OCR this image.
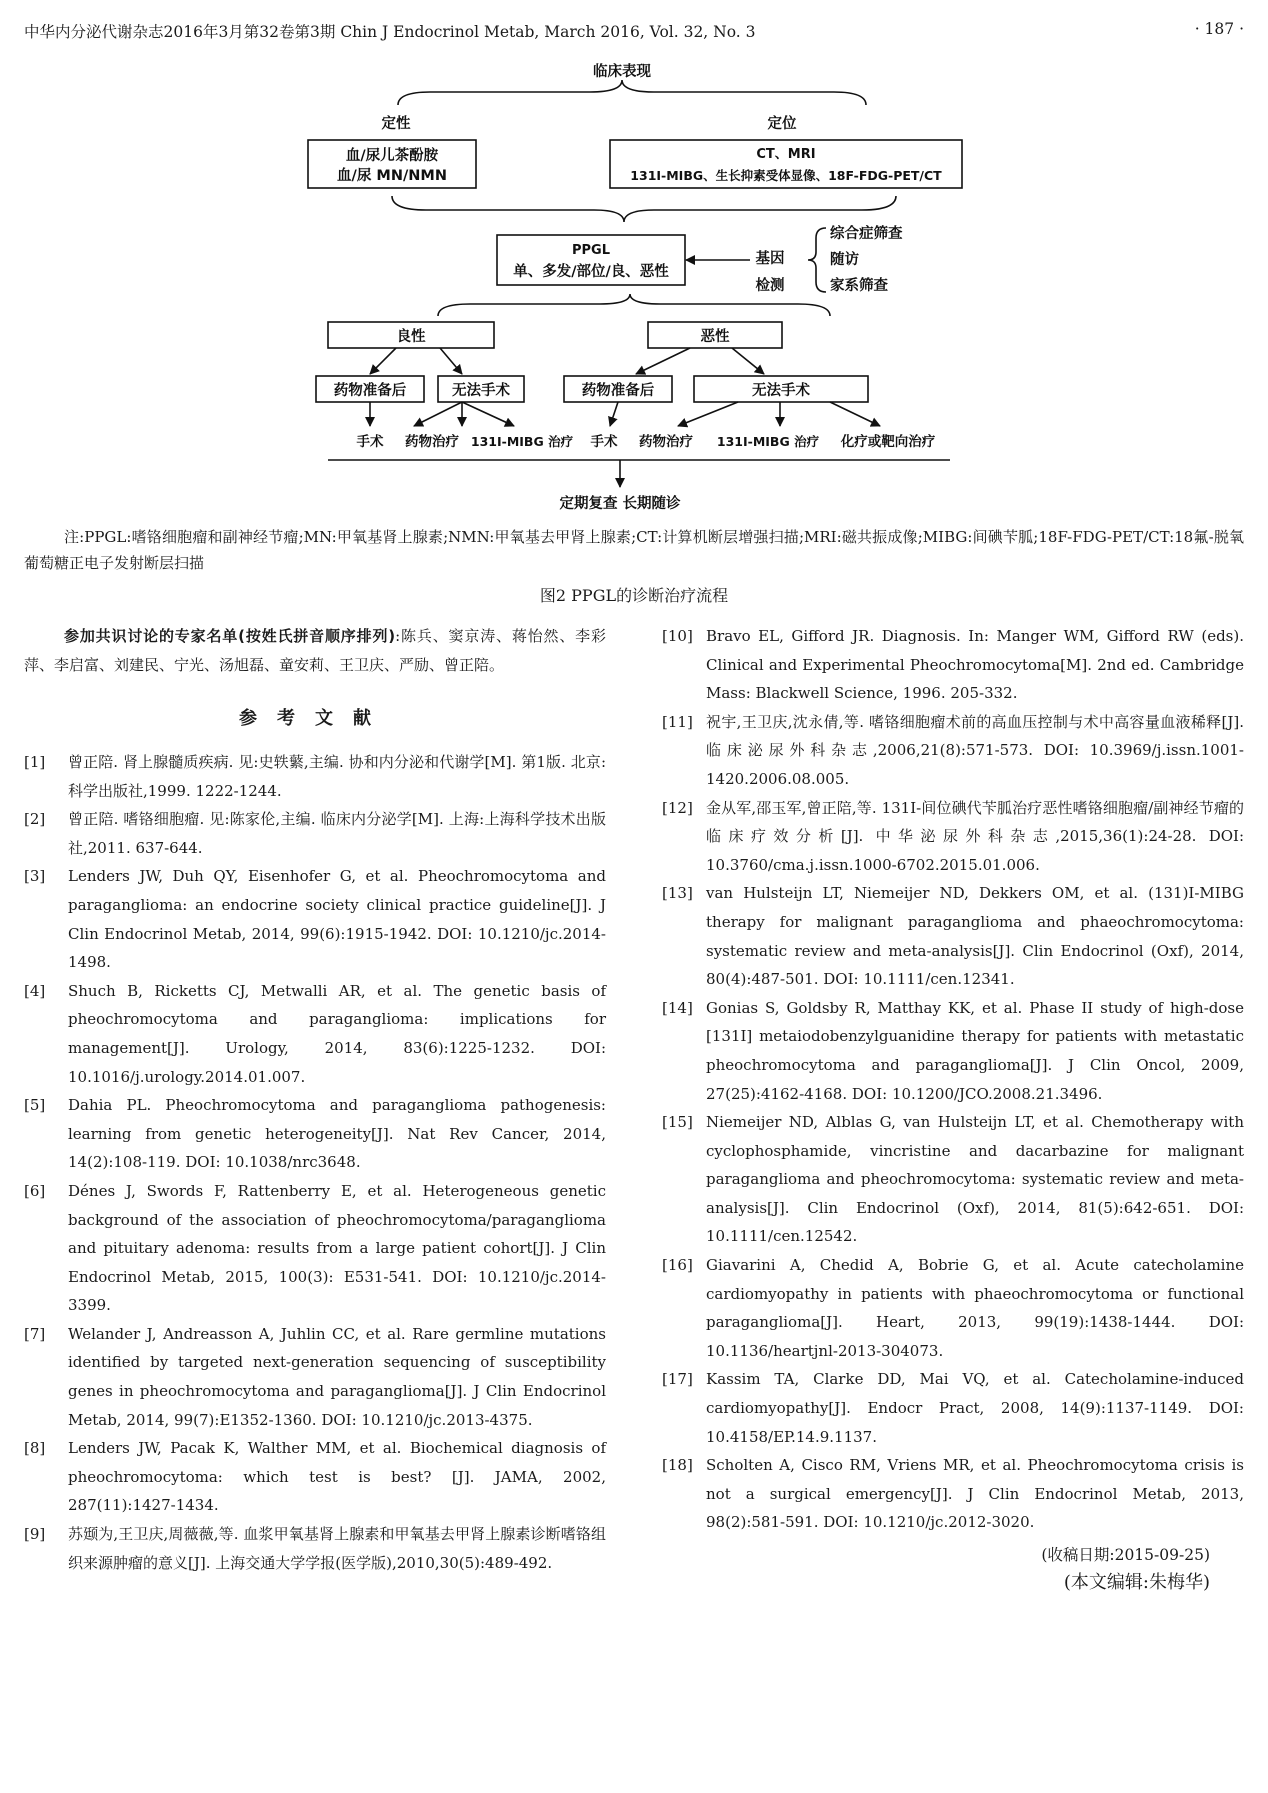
中华内分泌代谢杂志2016年3月第32卷第3期 Chin J Endocrinol Metab, March 2016, Vol. 32, No. 3	· 187 ·
临床表现
定性	定位
血/尿儿茶酚胺
血/尿 MN/NMN
CT、MRI
131I-MIBG、生长抑素受体显像、18F-FDG-PET/CT
PPGL
单、多发/部位/良、恶性
基因
检测
综合症筛查
随访
家系筛查
良性	恶性
药物准备后	无法手术	药物准备后	无法手术
手术 药物治疗 131I-MIBG 治疗 手术 药物治疗 131I-MIBG 治疗 化疗或靶向治疗
定期复查 长期随诊
注:PPGL:嗜铬细胞瘤和副神经节瘤;MN:甲氧基肾上腺素;NMN:甲氧基去甲肾上腺素;CT:计算机断层增强扫描;MRI:磁共振成像;MIBG:间碘苄胍;18F-FDG-PET/CT:18氟-脱氧葡萄糖正电子发射断层扫描
图2 PPGL的诊断治疗流程
参加共识讨论的专家名单(按姓氏拼音顺序排列):陈兵、窦京涛、蒋怡然、李彩萍、李启富、刘建民、宁光、汤旭磊、童安莉、王卫庆、严励、曾正陪。
参考文献
[1]	曾正陪. 肾上腺髓质疾病. 见:史轶蘩,主编. 协和内分泌和代谢学[M]. 第1版. 北京:科学出版社,1999. 1222-1244.
[2]	曾正陪. 嗜铬细胞瘤. 见:陈家伦,主编. 临床内分泌学[M]. 上海:上海科学技术出版社,2011. 637-644.
[3]	Lenders JW, Duh QY, Eisenhofer G, et al. Pheochromocytoma and paraganglioma: an endocrine society clinical practice guideline[J]. J Clin Endocrinol Metab, 2014, 99(6):1915-1942. DOI: 10.1210/jc.2014-1498.
[4]	Shuch B, Ricketts CJ, Metwalli AR, et al. The genetic basis of pheochromocytoma and paraganglioma: implications for management[J]. Urology, 2014, 83(6):1225-1232. DOI: 10.1016/j.urology.2014.01.007.
[5]	Dahia PL. Pheochromocytoma and paraganglioma pathogenesis: learning from genetic heterogeneity[J]. Nat Rev Cancer, 2014, 14(2):108-119. DOI: 10.1038/nrc3648.
[6]	Dénes J, Swords F, Rattenberry E, et al. Heterogeneous genetic background of the association of pheochromocytoma/paraganglioma and pituitary adenoma: results from a large patient cohort[J]. J Clin Endocrinol Metab, 2015, 100(3): E531-541. DOI: 10.1210/jc.2014-3399.
[7]	Welander J, Andreasson A, Juhlin CC, et al. Rare germline mutations identified by targeted next-generation sequencing of susceptibility genes in pheochromocytoma and paraganglioma[J]. J Clin Endocrinol Metab, 2014, 99(7):E1352-1360. DOI: 10.1210/jc.2013-4375.
[8]	Lenders JW, Pacak K, Walther MM, et al. Biochemical diagnosis of pheochromocytoma: which test is best? [J]. JAMA, 2002, 287(11):1427-1434.
[9]	苏颋为,王卫庆,周薇薇,等. 血浆甲氧基肾上腺素和甲氧基去甲肾上腺素诊断嗜铬组织来源肿瘤的意义[J]. 上海交通大学学报(医学版),2010,30(5):489-492.
[10] Bravo EL, Gifford JR. Diagnosis. In: Manger WM, Gifford RW (eds). Clinical and Experimental Pheochromocytoma[M]. 2nd ed. Cambridge Mass: Blackwell Science, 1996. 205-332.
[11] 祝宇,王卫庆,沈永倩,等. 嗜铬细胞瘤术前的高血压控制与术中高容量血液稀释[J]. 临床泌尿外科杂志,2006,21(8):571-573. DOI: 10.3969/j.issn.1001-1420.2006.08.005.
[12] 金从军,邵玉军,曾正陪,等. 131I-间位碘代苄胍治疗恶性嗜铬细胞瘤/副神经节瘤的临床疗效分析[J]. 中华泌尿外科杂志,2015,36(1):24-28. DOI: 10.3760/cma.j.issn.1000-6702.2015.01.006.
[13] van Hulsteijn LT, Niemeijer ND, Dekkers OM, et al. (131)I-MIBG therapy for malignant paraganglioma and phaeochromocytoma: systematic review and meta-analysis[J]. Clin Endocrinol (Oxf), 2014, 80(4):487-501. DOI: 10.1111/cen.12341.
[14] Gonias S, Goldsby R, Matthay KK, et al. Phase II study of high-dose [131I] metaiodobenzylguanidine therapy for patients with metastatic pheochromocytoma and paraganglioma[J]. J Clin Oncol, 2009, 27(25):4162-4168. DOI: 10.1200/JCO.2008.21.3496.
[15] Niemeijer ND, Alblas G, van Hulsteijn LT, et al. Chemotherapy with cyclophosphamide, vincristine and dacarbazine for malignant paraganglioma and pheochromocytoma: systematic review and meta-analysis[J]. Clin Endocrinol (Oxf), 2014, 81(5):642-651. DOI: 10.1111/cen.12542.
[16] Giavarini A, Chedid A, Bobrie G, et al. Acute catecholamine cardiomyopathy in patients with phaeochromocytoma or functional paraganglioma[J]. Heart, 2013, 99(19):1438-1444. DOI: 10.1136/heartjnl-2013-304073.
[17] Kassim TA, Clarke DD, Mai VQ, et al. Catecholamine-induced cardiomyopathy[J]. Endocr Pract, 2008, 14(9):1137-1149. DOI: 10.4158/EP.14.9.1137.
[18] Scholten A, Cisco RM, Vriens MR, et al. Pheochromocytoma crisis is not a surgical emergency[J]. J Clin Endocrinol Metab, 2013, 98(2):581-591. DOI: 10.1210/jc.2012-3020.
(收稿日期:2015-09-25)
(本文编辑:朱梅华)
